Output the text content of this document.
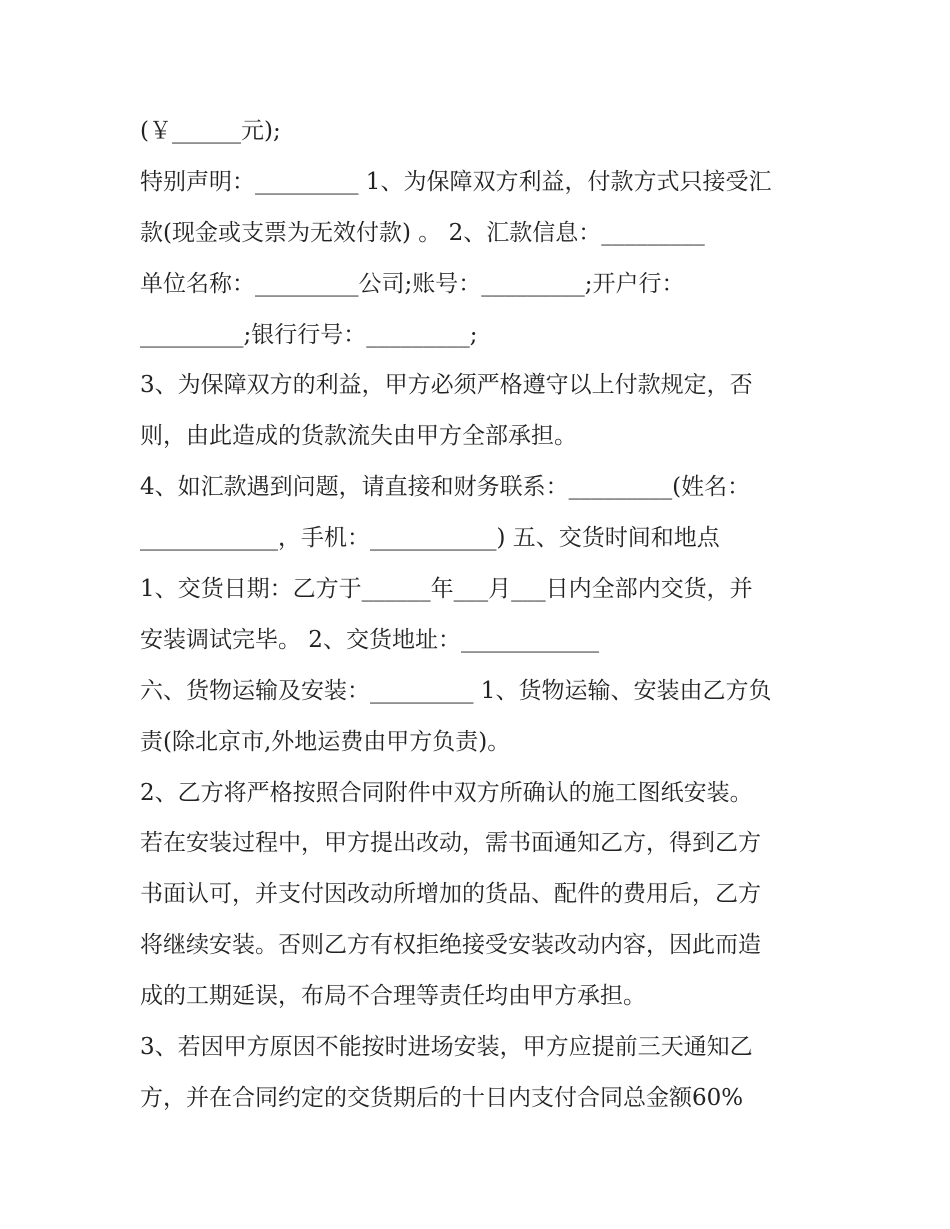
(￥______元);
特别声明：_________ 1、为保障双方利益，付款方式只接受汇
款(现金或支票为无效付款) 。 2、汇款信息：_________
单位名称：_________公司;账号：_________;开户行：
_________;银行行号：_________;
3、为保障双方的利益，甲方必须严格遵守以上付款规定，否
则，由此造成的货款流失由甲方全部承担。
4、如汇款遇到问题，请直接和财务联系：_________(姓名：
____________，手机：___________) 五、交货时间和地点
1、交货日期：乙方于______年___月___日内全部内交货，并
安装调试完毕。 2、交货地址：____________
六、货物运输及安装：_________ 1、货物运输、安装由乙方负
责(除北京市,外地运费由甲方负责)。
2、乙方将严格按照合同附件中双方所确认的施工图纸安装。
若在安装过程中，甲方提出改动，需书面通知乙方，得到乙方
书面认可，并支付因改动所增加的货品、配件的费用后，乙方
将继续安装。否则乙方有权拒绝接受安装改动内容，因此而造
成的工期延误，布局不合理等责任均由甲方承担。
3、若因甲方原因不能按时进场安装，甲方应提前三天通知乙
方，并在合同约定的交货期后的十日内支付合同总金额60%
